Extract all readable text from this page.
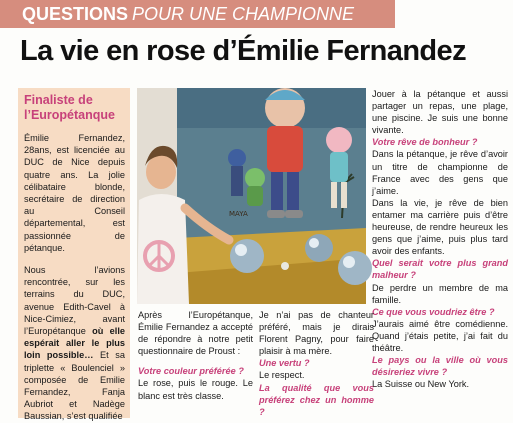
QUESTIONS POUR UNE CHAMPIONNE
La vie en rose d’Émilie Fernandez
Finaliste de l’Europétanque

Émilie Fernandez, 28ans, est licenciée au DUC de Nice depuis quatre ans. La jolie célibataire blonde, secrétaire de direction au Conseil départemental, est passionnée de pétanque.

Nous l’avions rencontrée, sur les terrains du DUC, avenue Edith-Cavel à Nice-Cimiez, avant l’Europétanque où elle espérait aller le plus loin possible… Et sa triplette « Boulenciel » composée de Emilie Fernandez, Fanja Aubriot et Nadège Baussian, s’est qualifiée

MAYA

Jouer à la pétanque et aussi partager un repas, une plage, une piscine. Je suis une bonne vivante.

Votre rêve de bonheur ?

Dans la pétanque, je rêve d’avoir un titre de championne de France avec des gens que j’aime.

Dans la vie, je rêve de bien entamer ma carrière puis d’être heureuse, de rendre heureux les gens que j’aime, puis plus tard avoir des enfants.

Quel serait votre plus grand malheur ?

De perdre un membre de ma famille.

Ce que vous voudriez être ?

J’aurais aimé être comédienne. Quand j’étais petite, j’ai fait du théâtre.

Le pays ou la ville où vous désireriez vivre ?

La Suisse ou New York.

Après l’Europétanque, Émilie Fernandez a accepté de répondre à notre petit questionnaire de Proust :

Votre couleur préférée ?

Le rose, puis le rouge. Le blanc est très classe.

Je n’ai pas de chanteur préféré, mais je dirais Florent Pagny, pour faire plaisir à ma mère.

Une vertu ?

Le respect.

La qualité que vous préférez chez un homme ?
